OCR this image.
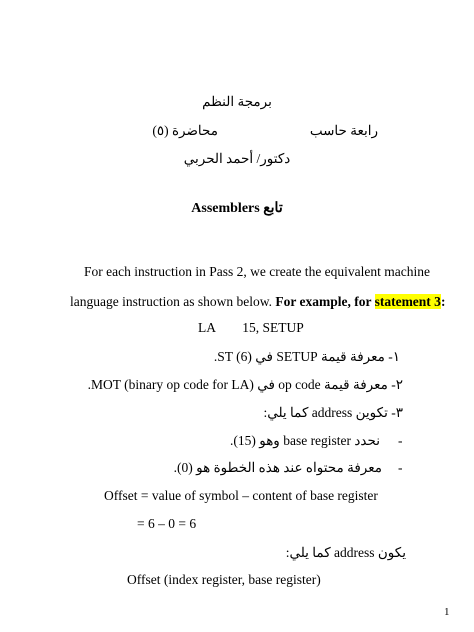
برمجة النظم
رابعة حاسب
محاضرة (٥)
دكتور/ أحمد الحربي
Assemblers تابع
For each instruction in Pass 2, we create the equivalent machine
language instruction as shown below. For example, for statement 3:
LA        15, SETUP
١- معرفة قيمة SETUP في ST (6).
٢- معرفة قيمة op code في MOT (binary op code for LA).
٣- تكوين address كما يلي:
نحدد base register وهو (15). -
معرفة محتواه عند هذه الخطوة هو (0). -
Offset = value of symbol – content of base register
= 6 – 0 = 6
يكون address كما يلي:
Offset (index register, base register)
1
